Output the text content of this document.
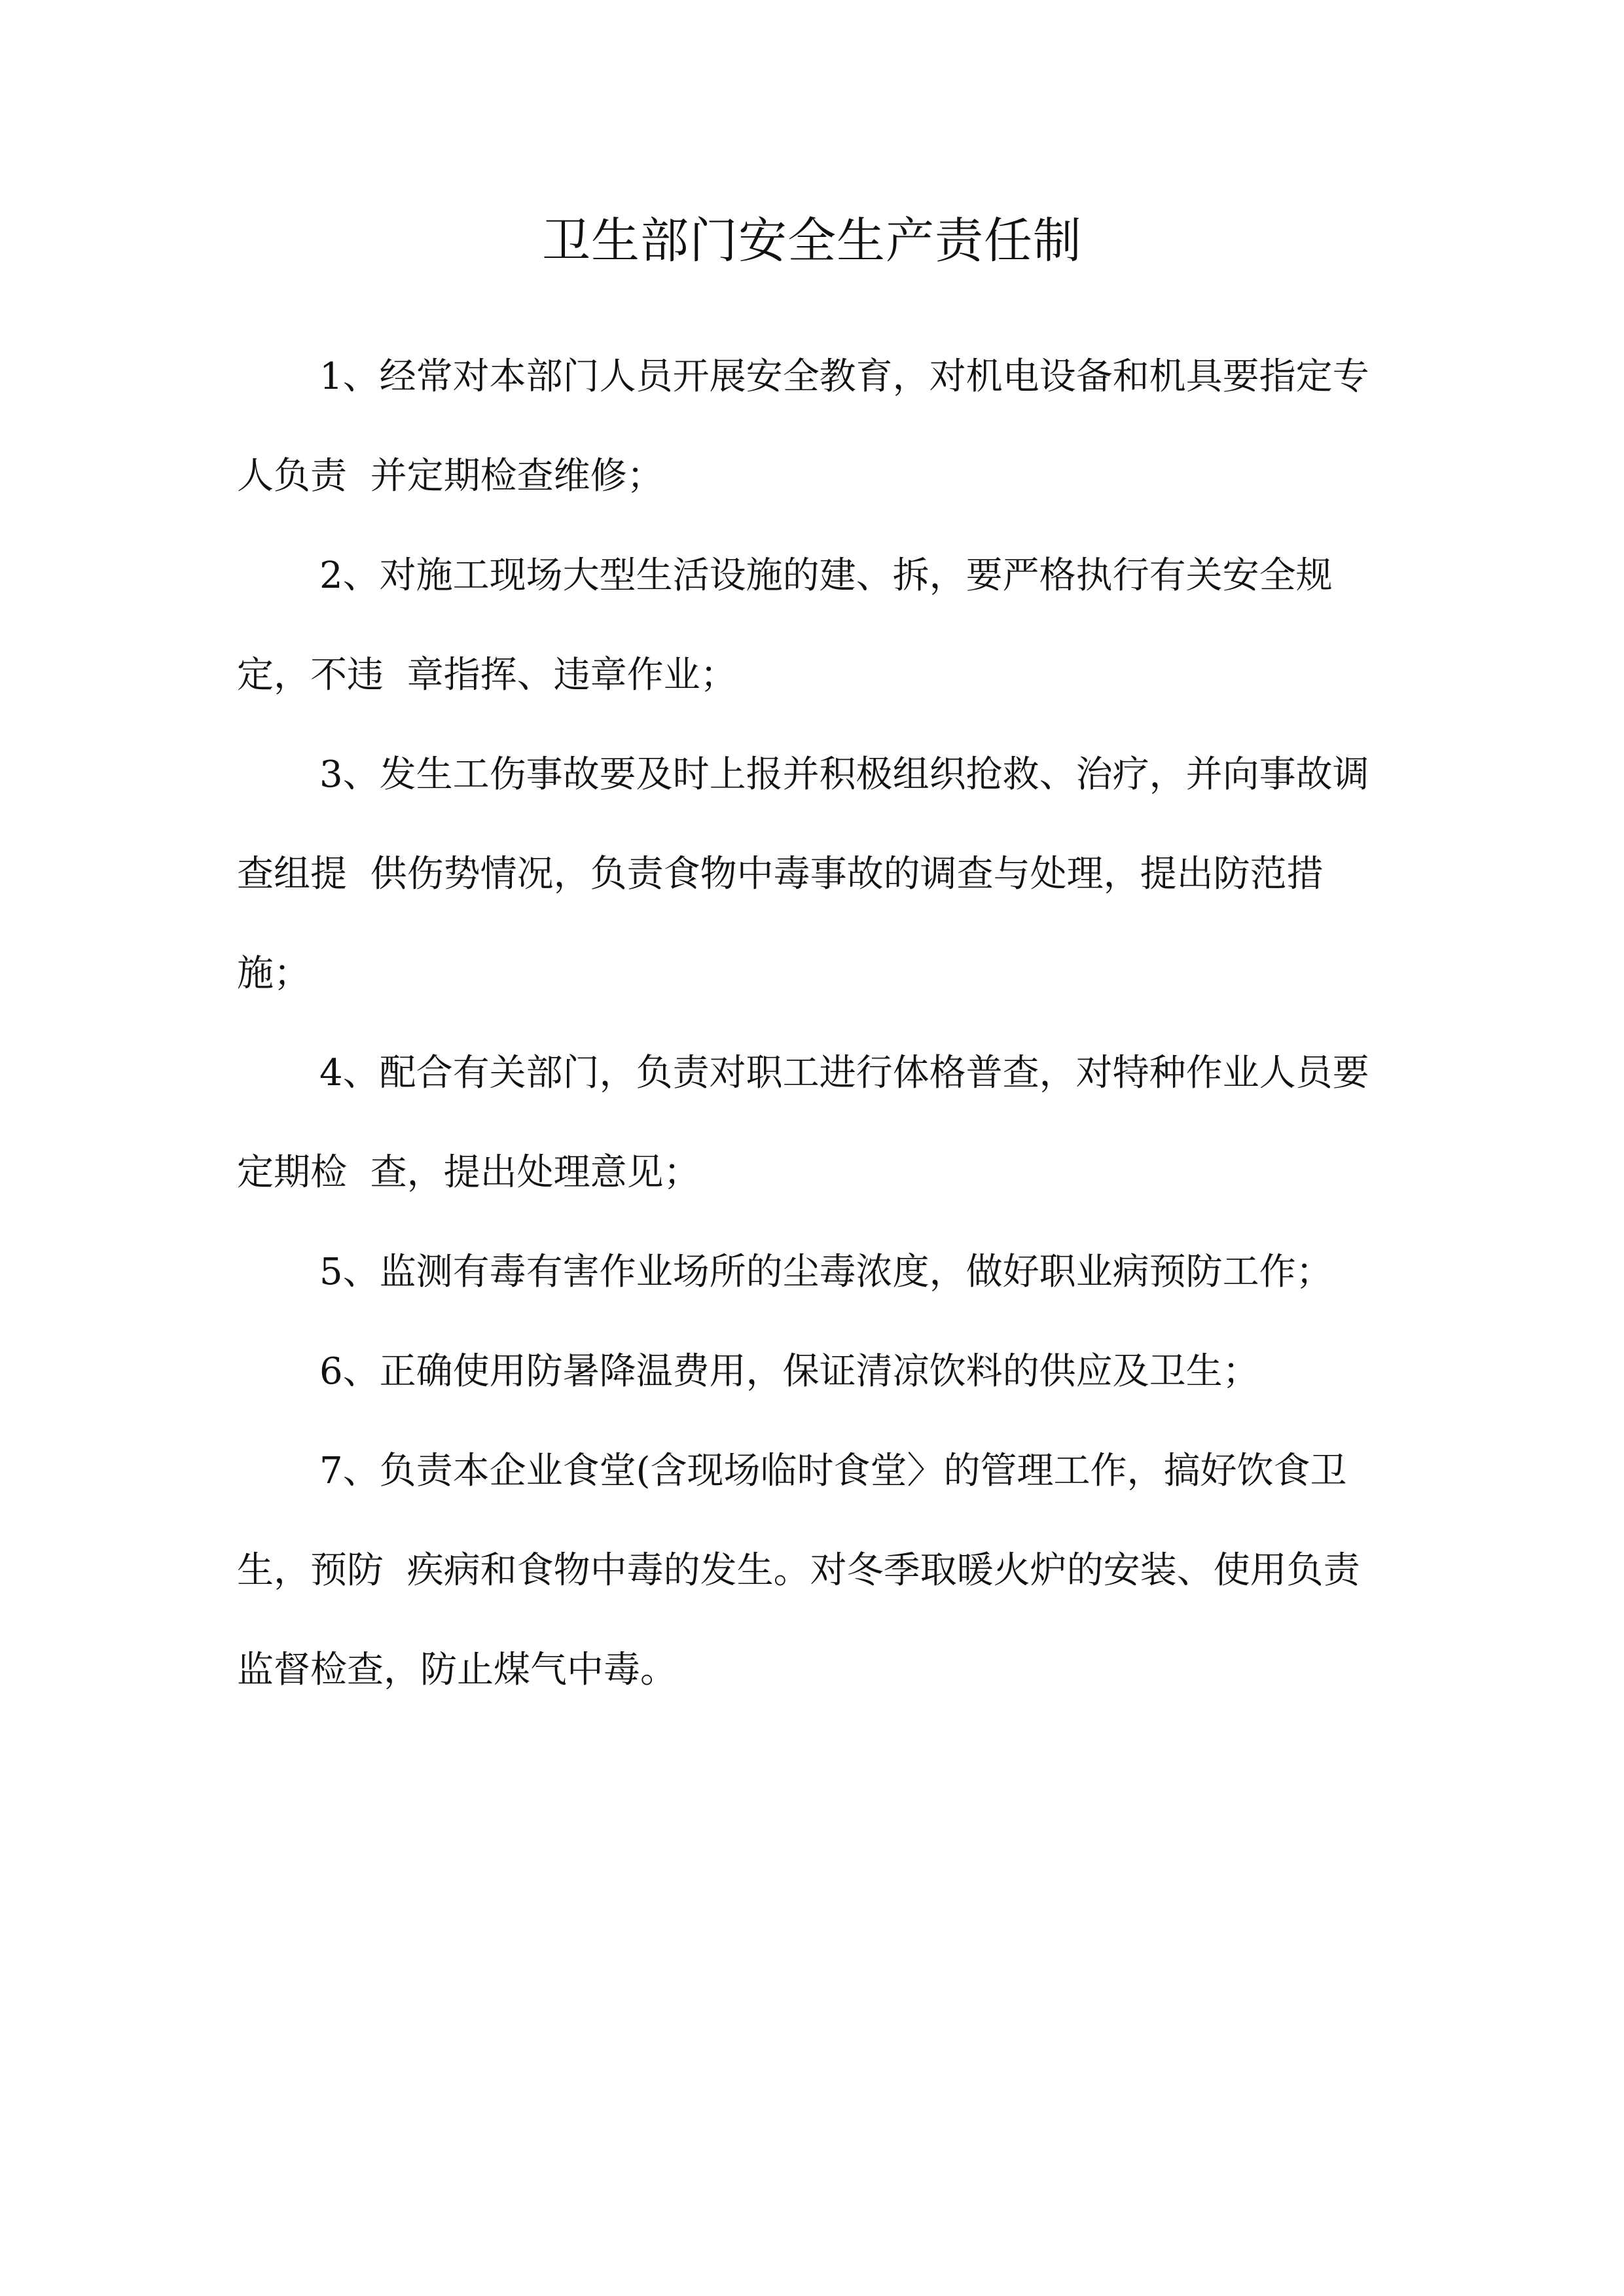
卫生部门安全生产责任制

1、经常对本部门人员开展安全教育，对机电设备和机具要指定专人负责  并定期检查维修；

2、对施工现场大型生活设施的建、拆，要严格执行有关安全规定，不违  章指挥、违章作业；

3、发生工伤事故要及时上报并积极组织抢救、治疗，并向事故调查组提  供伤势情况，负责食物中毒事故的调查与处理，提出防范措施；

4、配合有关部门，负责对职工进行体格普查，对特种作业人员要定期检  查，提出处理意见；

5、监测有毒有害作业场所的尘毒浓度，做好职业病预防工作；

6、正确使用防暑降温费用，保证清凉饮料的供应及卫生；

7、负责本企业食堂(含现场临时食堂〉的管理工作，搞好饮食卫生，预防  疾病和食物中毒的发生。对冬季取暖火炉的安装、使用负责监督检查，防止煤气中毒。
